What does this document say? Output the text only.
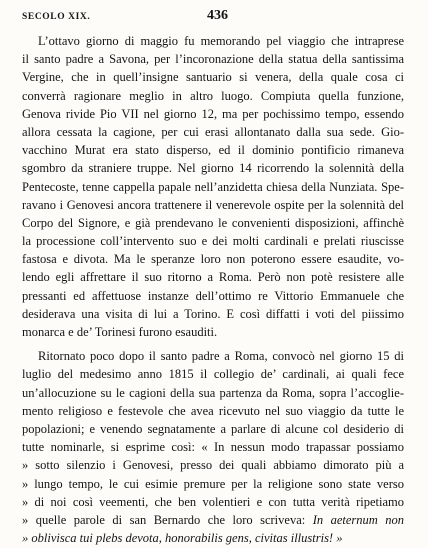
SECOLO XIX.	436
L’ottavo giorno di maggio fu memorando pel viaggio che intraprese
il santo padre a Savona, per l’incoronazione della statua della santissima
Vergine, che in quell’insigne santuario si venera, della quale cosa ci
converrà ragionare meglio in altro luogo. Compiuta quella funzione,
Genova rivide Pio VII nel giorno 12, ma per pochissimo tempo, essendo
allora cessata la cagione, per cui erasi allontanato dalla sua sede. Gio-
vacchino Murat era stato disperso, ed il dominio pontificio rimaneva
sgombro da straniere truppe. Nel giorno 14 ricorrendo la solennità della
Pentecoste, tenne cappella papale nell’anzidetta chiesa della Nunziata. Spe-
ravano i Genovesi ancora trattenere il venerevole ospite per la solennità del
Corpo del Signore, e già prendevano le convenienti disposizioni, affinchè
la processione coll’intervento suo e dei molti cardinali e prelati riuscisse
fastosa e divota. Ma le speranze loro non poterono essere esaudite, vo-
lendo egli affrettare il suo ritorno a Roma. Però non potè resistere alle
pressanti ed affettuose instanze dell’ottimo re Vittorio Emmanuele che
desiderava una visita di lui a Torino. E così diffatti i voti del piissimo
monarca e de’ Torinesi furono esauditi.
Ritornato poco dopo il santo padre a Roma, convocò nel giorno 15 di
luglio del medesimo anno 1815 il collegio de’ cardinali, ai quali fece
un’allocuzione su le cagioni della sua partenza da Roma, sopra l’accoglie-
mento religioso e festevole che avea ricevuto nel suo viaggio da tutte le
popolazioni; e venendo segnatamente a parlare di alcune col desiderio di
tutte nominarle, si esprime così: « In nessun modo trapassar possiamo
» sotto silenzio i Genovesi, presso dei quali abbiamo dimorato più a
» lungo tempo, le cui esimie premure per la religione sono state verso
» di noi così veementi, che ben volentieri e con tutta verità ripetiamo
» quelle parole di san Bernardo che loro scriveva: In aeternum non
» oblivisca tui plebs devota, honorabilis gens, civitas illustris! »
